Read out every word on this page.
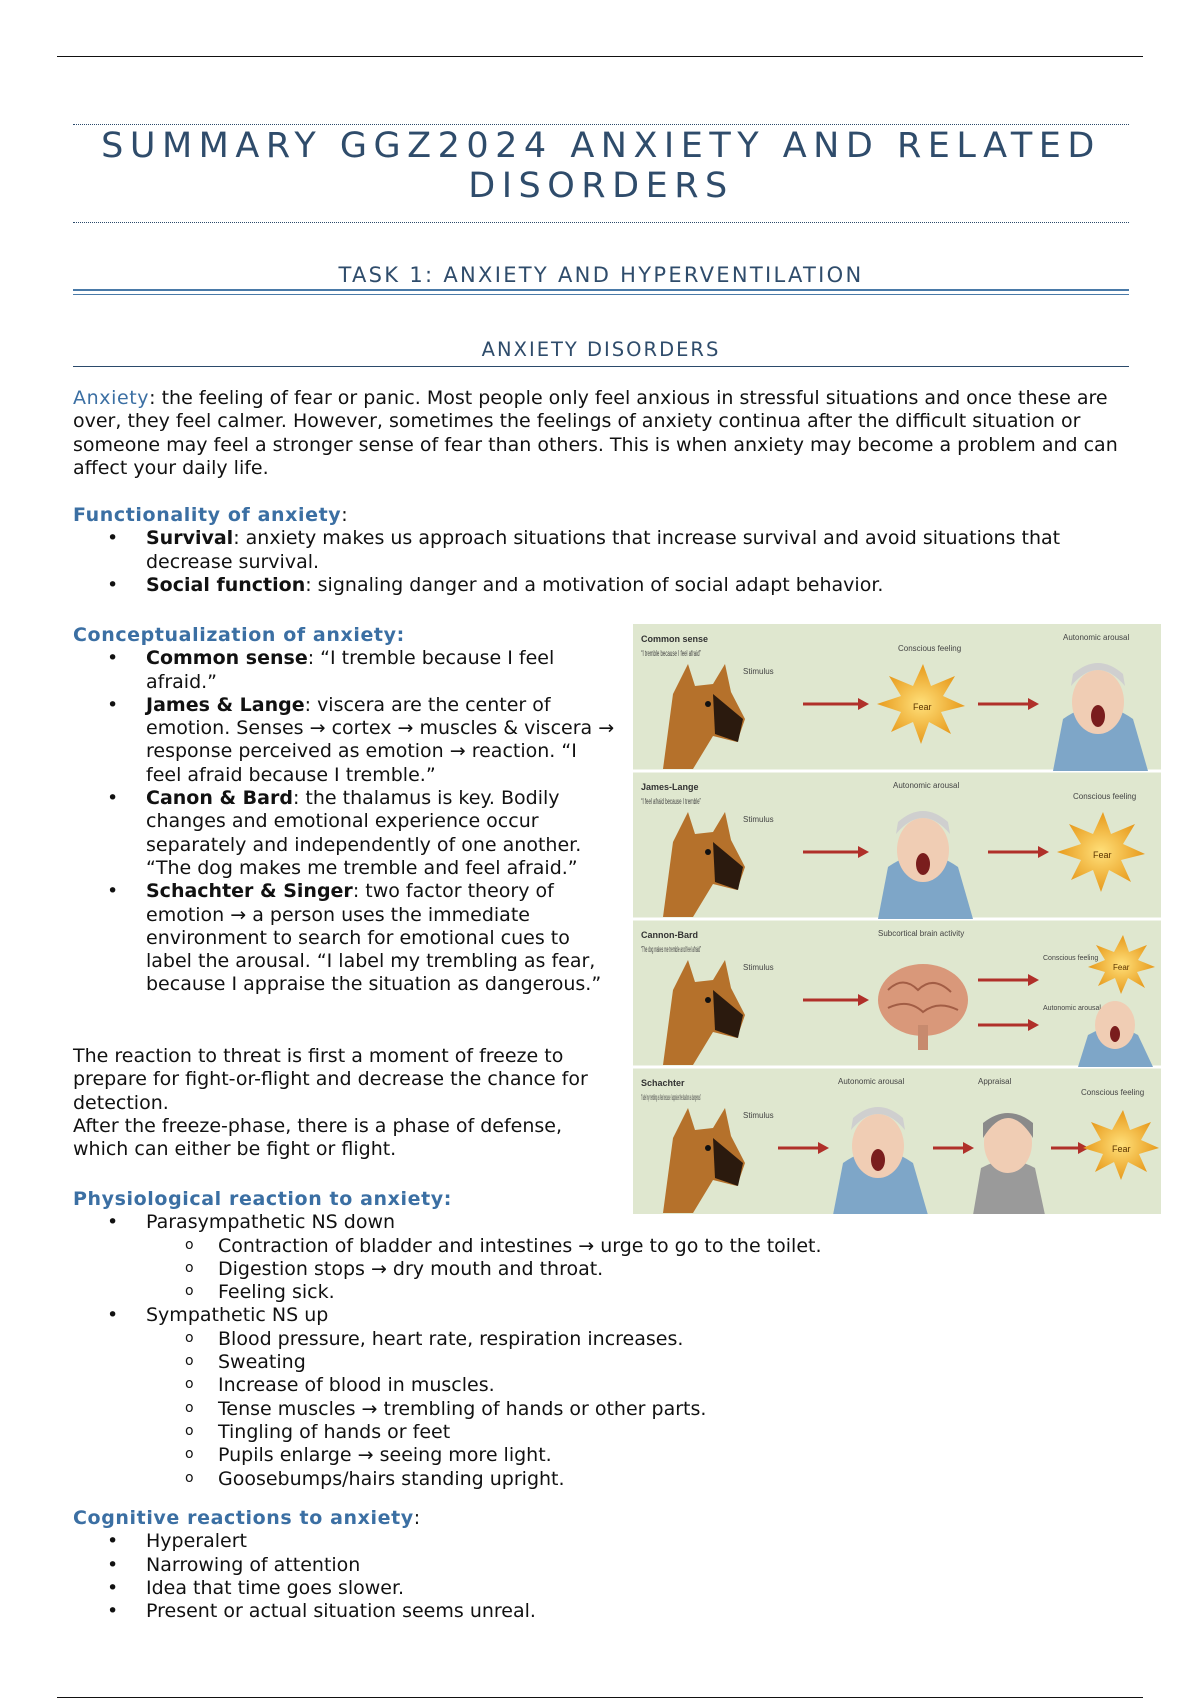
SUMMARY GGZ2024 ANXIETY AND RELATED DISORDERS
TASK 1: ANXIETY AND HYPERVENTILATION
ANXIETY DISORDERS
Anxiety: the feeling of fear or panic. Most people only feel anxious in stressful situations and once these are over, they feel calmer. However, sometimes the feelings of anxiety continua after the difficult situation or someone may feel a stronger sense of fear than others. This is when anxiety may become a problem and can affect your daily life.
Functionality of anxiety:
• Survival: anxiety makes us approach situations that increase survival and avoid situations that decrease survival.
• Social function: signaling danger and a motivation of social adapt behavior.
Conceptualization of anxiety:
• Common sense: “I tremble because I feel afraid.”
• James & Lange: viscera are the center of emotion. Senses → cortex → muscles & viscera → response perceived as emotion → reaction. “I feel afraid because I tremble.”
• Canon & Bard: the thalamus is key. Bodily changes and emotional experience occur separately and independently of one another. “The dog makes me tremble and feel afraid.”
• Schachter & Singer: two factor theory of emotion → a person uses the immediate environment to search for emotional cues to label the arousal. “I label my trembling as fear, because I appraise the situation as dangerous.”
The reaction to threat is first a moment of freeze to prepare for fight-or-flight and decrease the chance for detection.
After the freeze-phase, there is a phase of defense, which can either be fight or flight.
Common sense
“I tremble because I feel afraid”
Stimulus
Conscious feeling
Fear
Autonomic arousal
James-Lange
“I feel afraid because I tremble”
Stimulus
Autonomic arousal
Conscious feeling
Fear
Cannon-Bard
“The dog makes me tremble and feel afraid”
Stimulus
Subcortical brain activity
Conscious feeling
Autonomic arousal
Fear
Schachter
“I label my trembling as fear because I appraise the situation as dangerous”
Stimulus
Autonomic arousal	Appraisal
Conscious feeling
Fear
Physiological reaction to anxiety:
• Parasympathetic NS down
o Contraction of bladder and intestines → urge to go to the toilet.
o Digestion stops → dry mouth and throat.
o Feeling sick.
• Sympathetic NS up
o Blood pressure, heart rate, respiration increases.
o Sweating
o Increase of blood in muscles.
o Tense muscles → trembling of hands or other parts.
o Tingling of hands or feet
o Pupils enlarge → seeing more light.
o Goosebumps/hairs standing upright.
Cognitive reactions to anxiety:
• Hyperalert
• Narrowing of attention
• Idea that time goes slower.
• Present or actual situation seems unreal.
